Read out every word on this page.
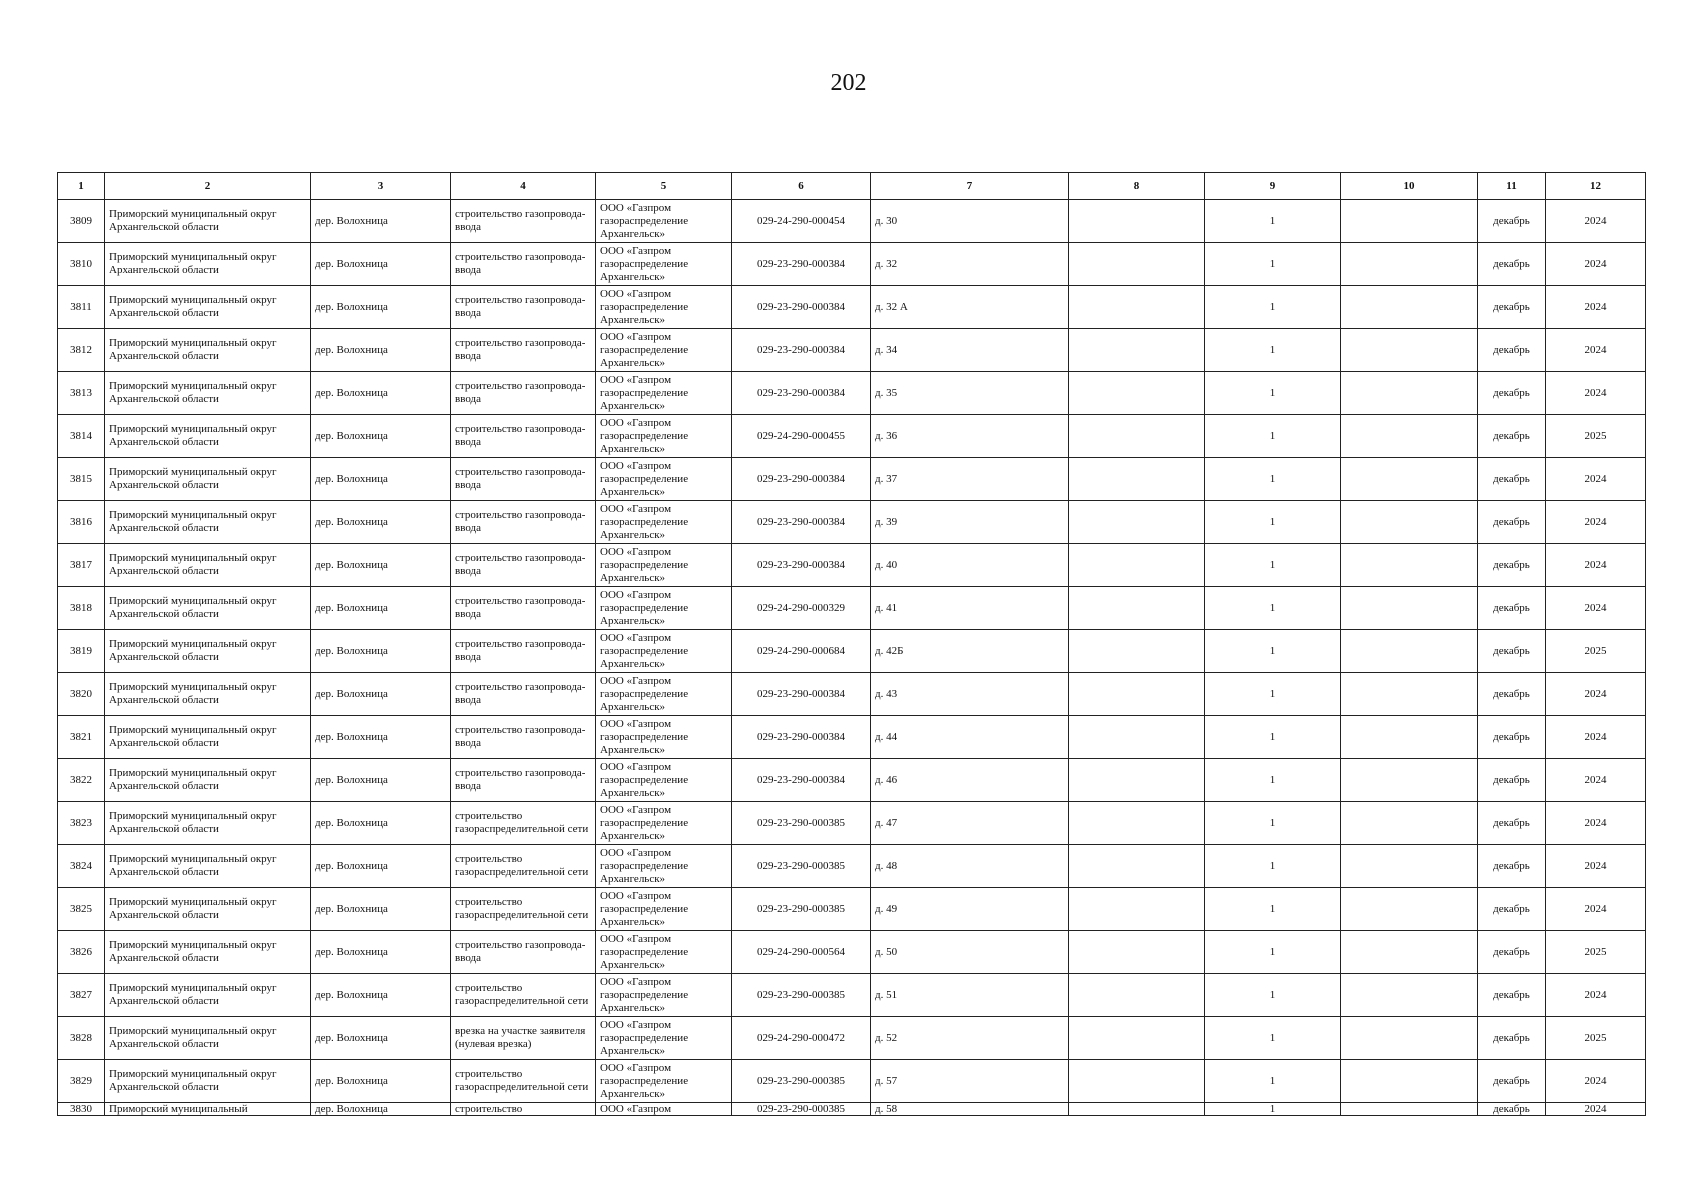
202
1	2	3	4	5	6	7	8	9	10	11	12
3809	Приморский муниципальный округ Архангельской области	дер. Волохница	строительство газопровода-ввода	ООО «Газпром газораспределение Архангельск»	029-24-290-000454	д. 30		1		декабрь	2024
3810	Приморский муниципальный округ Архангельской области	дер. Волохница	строительство газопровода-ввода	ООО «Газпром газораспределение Архангельск»	029-23-290-000384	д. 32		1		декабрь	2024
3811	Приморский муниципальный округ Архангельской области	дер. Волохница	строительство газопровода-ввода	ООО «Газпром газораспределение Архангельск»	029-23-290-000384	д. 32 А		1		декабрь	2024
3812	Приморский муниципальный округ Архангельской области	дер. Волохница	строительство газопровода-ввода	ООО «Газпром газораспределение Архангельск»	029-23-290-000384	д. 34		1		декабрь	2024
3813	Приморский муниципальный округ Архангельской области	дер. Волохница	строительство газопровода-ввода	ООО «Газпром газораспределение Архангельск»	029-23-290-000384	д. 35		1		декабрь	2024
3814	Приморский муниципальный округ Архангельской области	дер. Волохница	строительство газопровода-ввода	ООО «Газпром газораспределение Архангельск»	029-24-290-000455	д. 36		1		декабрь	2025
3815	Приморский муниципальный округ Архангельской области	дер. Волохница	строительство газопровода-ввода	ООО «Газпром газораспределение Архангельск»	029-23-290-000384	д. 37		1		декабрь	2024
3816	Приморский муниципальный округ Архангельской области	дер. Волохница	строительство газопровода-ввода	ООО «Газпром газораспределение Архангельск»	029-23-290-000384	д. 39		1		декабрь	2024
3817	Приморский муниципальный округ Архангельской области	дер. Волохница	строительство газопровода-ввода	ООО «Газпром газораспределение Архангельск»	029-23-290-000384	д. 40		1		декабрь	2024
3818	Приморский муниципальный округ Архангельской области	дер. Волохница	строительство газопровода-ввода	ООО «Газпром газораспределение Архангельск»	029-24-290-000329	д. 41		1		декабрь	2024
3819	Приморский муниципальный округ Архангельской области	дер. Волохница	строительство газопровода-ввода	ООО «Газпром газораспределение Архангельск»	029-24-290-000684	д. 42Б		1		декабрь	2025
3820	Приморский муниципальный округ Архангельской области	дер. Волохница	строительство газопровода-ввода	ООО «Газпром газораспределение Архангельск»	029-23-290-000384	д. 43		1		декабрь	2024
3821	Приморский муниципальный округ Архангельской области	дер. Волохница	строительство газопровода-ввода	ООО «Газпром газораспределение Архангельск»	029-23-290-000384	д. 44		1		декабрь	2024
3822	Приморский муниципальный округ Архангельской области	дер. Волохница	строительство газопровода-ввода	ООО «Газпром газораспределение Архангельск»	029-23-290-000384	д. 46		1		декабрь	2024
3823	Приморский муниципальный округ Архангельской области	дер. Волохница	строительство газораспределительной сети	ООО «Газпром газораспределение Архангельск»	029-23-290-000385	д. 47		1		декабрь	2024
3824	Приморский муниципальный округ Архангельской области	дер. Волохница	строительство газораспределительной сети	ООО «Газпром газораспределение Архангельск»	029-23-290-000385	д. 48		1		декабрь	2024
3825	Приморский муниципальный округ Архангельской области	дер. Волохница	строительство газораспределительной сети	ООО «Газпром газораспределение Архангельск»	029-23-290-000385	д. 49		1		декабрь	2024
3826	Приморский муниципальный округ Архангельской области	дер. Волохница	строительство газопровода-ввода	ООО «Газпром газораспределение Архангельск»	029-24-290-000564	д. 50		1		декабрь	2025
3827	Приморский муниципальный округ Архангельской области	дер. Волохница	строительство газораспределительной сети	ООО «Газпром газораспределение Архангельск»	029-23-290-000385	д. 51		1		декабрь	2024
3828	Приморский муниципальный округ Архангельской области	дер. Волохница	врезка на участке заявителя (нулевая врезка)	ООО «Газпром газораспределение Архангельск»	029-24-290-000472	д. 52		1		декабрь	2025
3829	Приморский муниципальный округ Архангельской области	дер. Волохница	строительство газораспределительной сети	ООО «Газпром газораспределение Архангельск»	029-23-290-000385	д. 57		1		декабрь	2024
3830	Приморский муниципальный	дер. Волохница	строительство	ООО «Газпром	029-23-290-000385	д. 58		1		декабрь	2024
